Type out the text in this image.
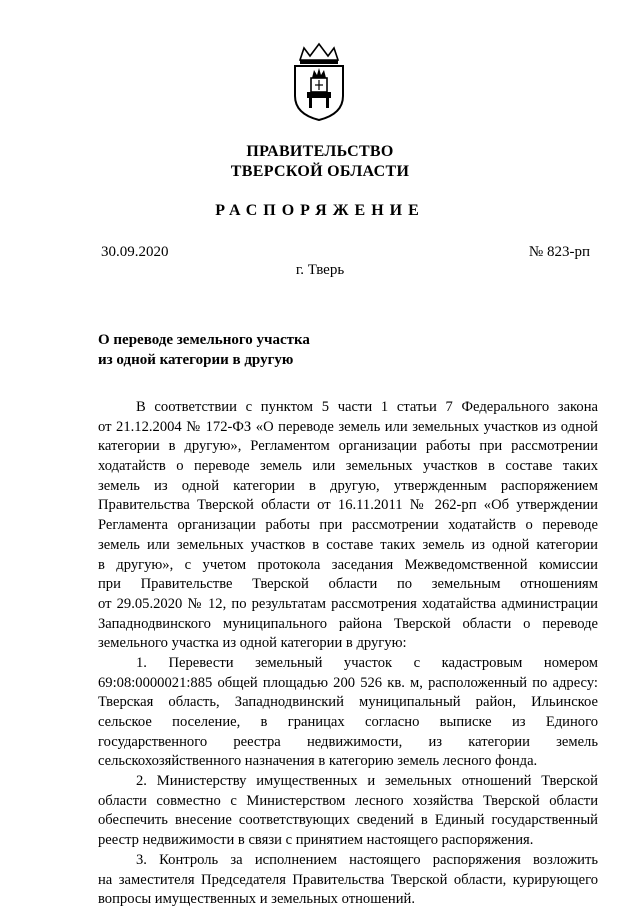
ПРАВИТЕЛЬСТВО
ТВЕРСКОЙ ОБЛАСТИ
РАСПОРЯЖЕНИЕ
30.09.2020	№ 823-рп
г. Тверь
О переводе земельного участка
из одной категории в другую
В соответствии с пунктом 5 части 1 статьи 7 Федерального закона
от 21.12.2004 № 172-ФЗ «О переводе земель или земельных участков из одной
категории в другую», Регламентом организации работы при рассмотрении
ходатайств о переводе земель или земельных участков в составе таких
земель из одной категории в другую, утвержденным распоряжением
Правительства Тверской области от 16.11.2011 № 262-рп «Об утверждении
Регламента организации работы при рассмотрении ходатайств о переводе
земель или земельных участков в составе таких земель из одной категории
в другую», с учетом протокола заседания Межведомственной комиссии
при Правительстве Тверской области по земельным отношениям
от 29.05.2020 № 12, по результатам рассмотрения ходатайства администрации
Западнодвинского муниципального района Тверской области о переводе
земельного участка из одной категории в другую:
1. Перевести земельный участок с кадастровым номером
69:08:0000021:885 общей площадью 200 526 кв. м, расположенный по адресу:
Тверская область, Западнодвинский муниципальный район, Ильинское
сельское поселение, в границах согласно выписке из Единого
государственного реестра недвижимости, из категории земель
сельскохозяйственного назначения в категорию земель лесного фонда.
2. Министерству имущественных и земельных отношений Тверской
области совместно с Министерством лесного хозяйства Тверской области
обеспечить внесение соответствующих сведений в Единый государственный
реестр недвижимости в связи с принятием настоящего распоряжения.
3. Контроль за исполнением настоящего распоряжения возложить
на заместителя Председателя Правительства Тверской области, курирующего
вопросы имущественных и земельных отношений.
